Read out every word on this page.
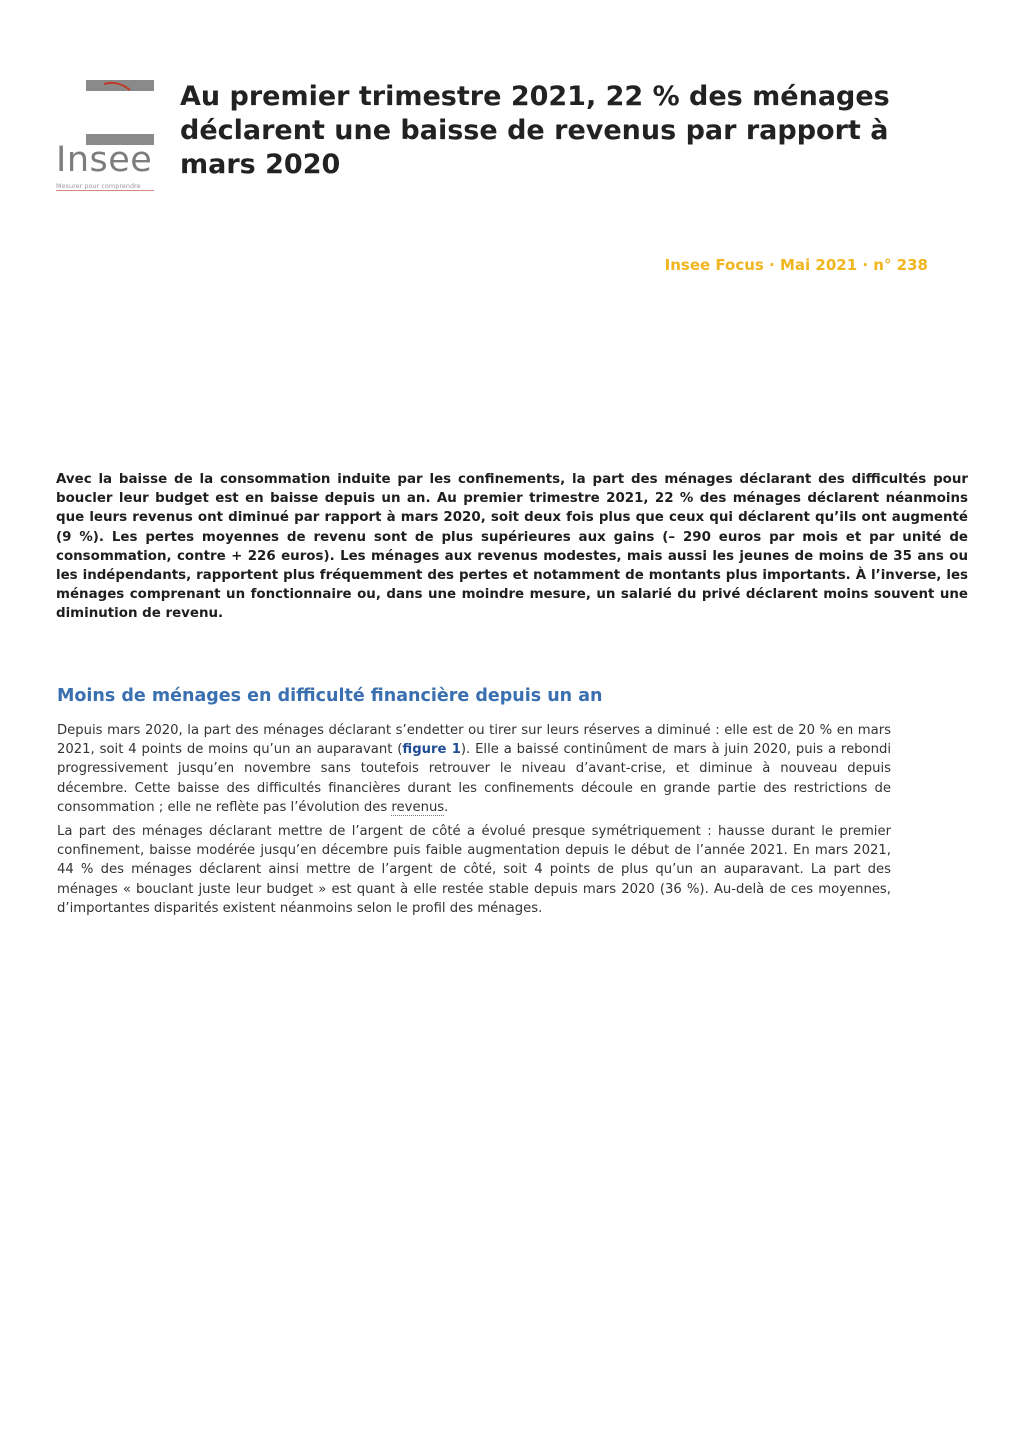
Insee
Mesurer pour comprendre
Au premier trimestre 2021, 22 % des ménages déclarent une baisse de revenus par rapport à mars 2020

Insee Focus · Mai 2021 · n° 238

Avec la baisse de la consommation induite par les confinements, la part des ménages déclarant des difficultés pour boucler leur budget est en baisse depuis un an. Au premier trimestre 2021, 22 % des ménages déclarent néanmoins que leurs revenus ont diminué par rapport à mars 2020, soit deux fois plus que ceux qui déclarent qu’ils ont augmenté (9 %). Les pertes moyennes de revenu sont de plus supérieures aux gains (– 290 euros par mois et par unité de consommation, contre + 226 euros). Les ménages aux revenus modestes, mais aussi les jeunes de moins de 35 ans ou les indépendants, rapportent plus fréquemment des pertes et notamment de montants plus importants. À l’inverse, les ménages comprenant un fonctionnaire ou, dans une moindre mesure, un salarié du privé déclarent moins souvent une diminution de revenu.

Moins de ménages en difficulté financière depuis un an

Depuis mars 2020, la part des ménages déclarant s’endetter ou tirer sur leurs réserves a diminué : elle est de 20 % en mars 2021, soit 4 points de moins qu’un an auparavant (figure 1). Elle a baissé continûment de mars à juin 2020, puis a rebondi progressivement jusqu’en novembre sans toutefois retrouver le niveau d’avant-crise, et diminue à nouveau depuis décembre. Cette baisse des difficultés financières durant les confinements découle en grande partie des restrictions de consommation ; elle ne reflète pas l’évolution des revenus.

La part des ménages déclarant mettre de l’argent de côté a évolué presque symétriquement : hausse durant le premier confinement, baisse modérée jusqu’en décembre puis faible augmentation depuis le début de l’année 2021. En mars 2021, 44 % des ménages déclarent ainsi mettre de l’argent de côté, soit 4 points de plus qu’un an auparavant. La part des ménages « bouclant juste leur budget » est quant à elle restée stable depuis mars 2020 (36 %). Au-delà de ces moyennes, d’importantes disparités existent néanmoins selon le profil des ménages.
